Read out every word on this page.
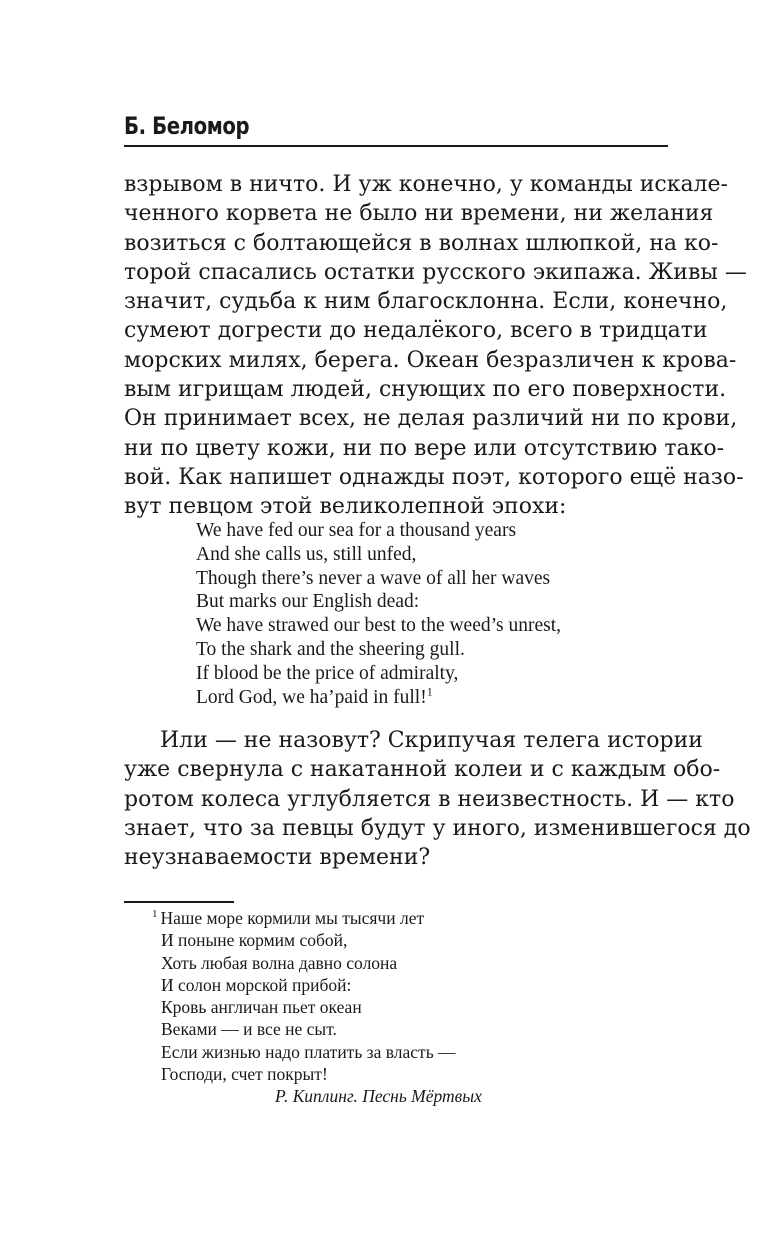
Б. Беломор
взрывом в ничто. И уж конечно, у команды искале-
ченного корвета не было ни времени, ни желания
возиться с болтающейся в волнах шлюпкой, на ко-
торой спасались остатки русского экипажа. Живы —
значит, судьба к ним благосклонна. Если, конечно,
сумеют догрести до недалёкого, всего в тридцати
морских милях, берега. Океан безразличен к крова-
вым игрищам людей, снующих по его поверхности.
Он принимает всех, не делая различий ни по крови,
ни по цвету кожи, ни по вере или отсутствию тако-
вой. Как напишет однажды поэт, которого ещё назо-
вут певцом этой великолепной эпохи:
We have fed our sea for a thousand years
And she calls us, still unfed,
Though there’s never a wave of all her waves
But marks our English dead:
We have strawed our best to the weed’s unrest,
To the shark and the sheering gull.
If blood be the price of admiralty,
Lord God, we ha’paid in full!$^1$
Или — не назовут? Скрипучая телега истории
уже свернула с накатанной колеи и с каждым обо-
ротом колеса углубляется в неизвестность. И — кто
знает, что за певцы будут у иного, изменившегося до
неузнаваемости времени?
$^1$ Наше море кормили мы тысячи лет
И поныне кормим собой,
Хоть любая волна давно солона
И солон морской прибой:
Кровь англичан пьет океан
Веками — и все не сыт.
Если жизнью надо платить за власть —
Господи, счет покрыт!
Р. Киплинг. Песнь Мёртвых
